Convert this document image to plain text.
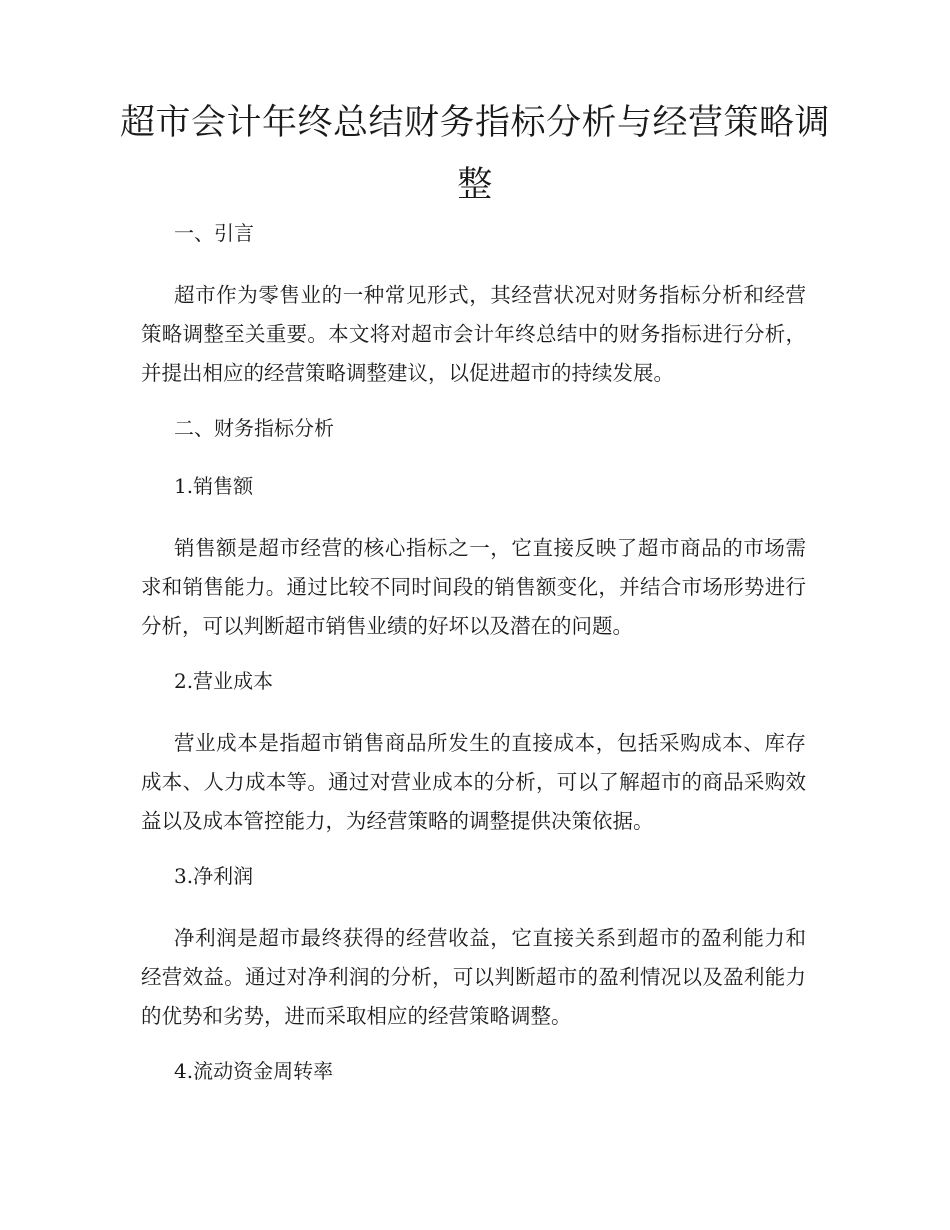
超市会计年终总结财务指标分析与经营策略调整

一、引言

超市作为零售业的一种常见形式，其经营状况对财务指标分析和经营策略调整至关重要。本文将对超市会计年终总结中的财务指标进行分析，并提出相应的经营策略调整建议，以促进超市的持续发展。

二、财务指标分析

1.销售额

销售额是超市经营的核心指标之一，它直接反映了超市商品的市场需求和销售能力。通过比较不同时间段的销售额变化，并结合市场形势进行分析，可以判断超市销售业绩的好坏以及潜在的问题。

2.营业成本

营业成本是指超市销售商品所发生的直接成本，包括采购成本、库存成本、人力成本等。通过对营业成本的分析，可以了解超市的商品采购效益以及成本管控能力，为经营策略的调整提供决策依据。

3.净利润

净利润是超市最终获得的经营收益，它直接关系到超市的盈利能力和经营效益。通过对净利润的分析，可以判断超市的盈利情况以及盈利能力的优势和劣势，进而采取相应的经营策略调整。

4.流动资金周转率
